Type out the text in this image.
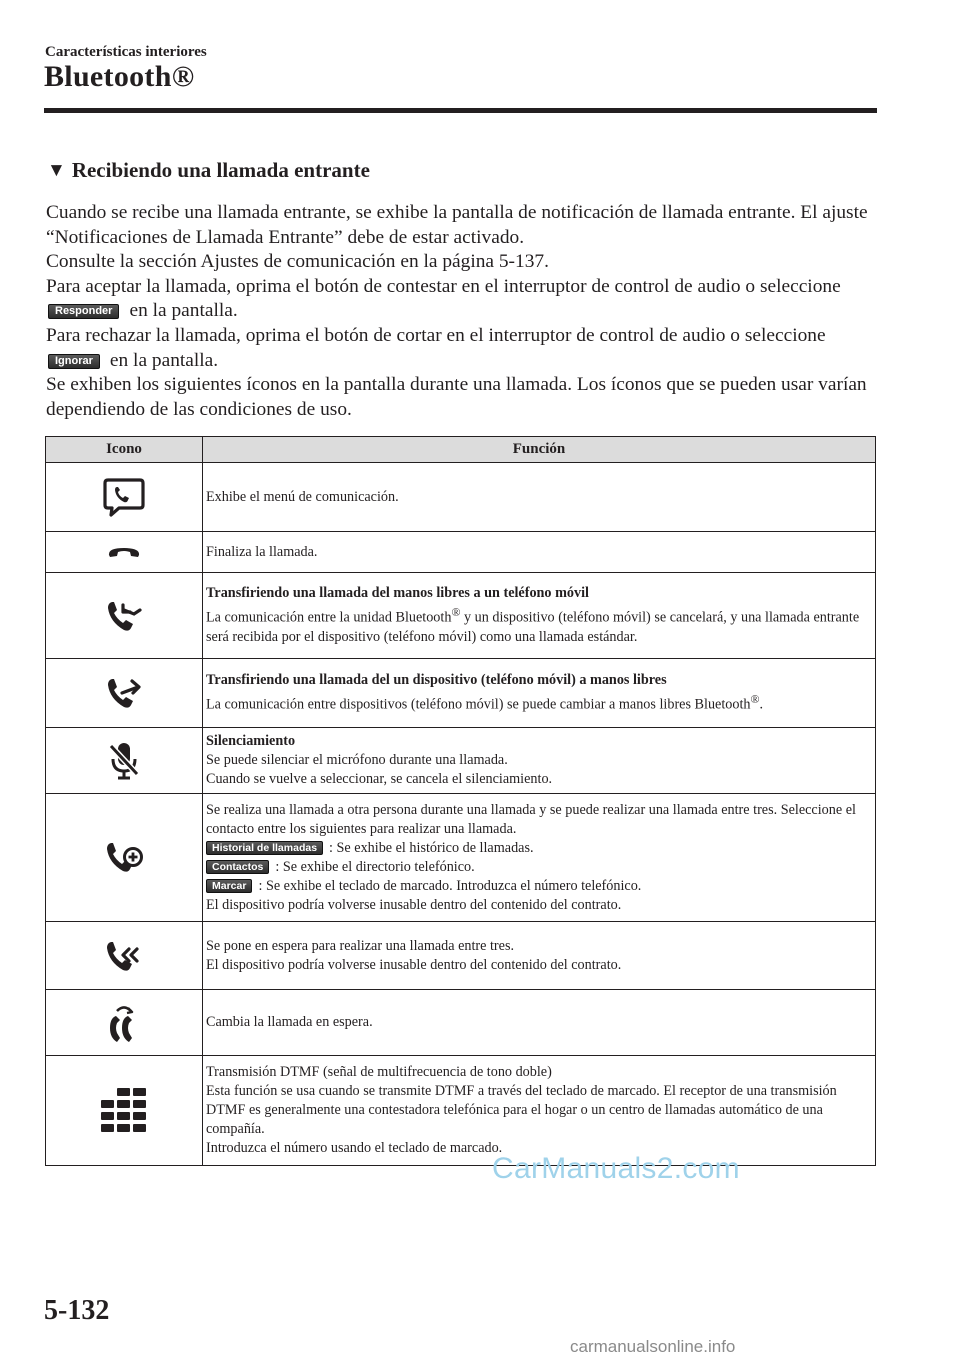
Características interiores
Bluetooth®
▼ Recibiendo una llamada entrante

Cuando se recibe una llamada entrante, se exhibe la pantalla de notificación de llamada entrante. El ajuste “Notificaciones de Llamada Entrante” debe de estar activado.

Consulte la sección Ajustes de comunicación en la página 5-137.

Para aceptar la llamada, oprima el botón de contestar en el interruptor de control de audio o seleccione Responder en la pantalla.

Para rechazar la llamada, oprima el botón de cortar en el interruptor de control de audio o seleccione Ignorar en la pantalla.

Se exhiben los siguientes íconos en la pantalla durante una llamada. Los íconos que se pueden usar varían dependiendo de las condiciones de uso.

Icono	Función

Exhibe el menú de comunicación.

Finaliza la llamada.

Transfiriendo una llamada del manos libres a un teléfono móvil
La comunicación entre la unidad Bluetooth® y un dispositivo (teléfono móvil) se cancelará, y una llamada entrante será recibida por el dispositivo (teléfono móvil) como una llamada estándar.

Transfiriendo una llamada del un dispositivo (teléfono móvil) a manos libres
La comunicación entre dispositivos (teléfono móvil) se puede cambiar a manos libres Bluetooth®.

Silenciamiento
Se puede silenciar el micrófono durante una llamada.
Cuando se vuelve a seleccionar, se cancela el silenciamiento.

Se realiza una llamada a otra persona durante una llamada y se puede realizar una llamada entre tres. Seleccione el contacto entre los siguientes para realizar una llamada.
Historial de llamadas : Se exhibe el histórico de llamadas.
Contactos : Se exhibe el directorio telefónico.
Marcar : Se exhibe el teclado de marcado. Introduzca el número telefónico.
El dispositivo podría volverse inusable dentro del contenido del contrato.

Se pone en espera para realizar una llamada entre tres.
El dispositivo podría volverse inusable dentro del contenido del contrato.

Cambia la llamada en espera.

Transmisión DTMF (señal de multifrecuencia de tono doble)
Esta función se usa cuando se transmite DTMF a través del teclado de marcado. El receptor de una transmisión DTMF es generalmente una contestadora telefónica para el hogar o un centro de llamadas automático de una compañía.
Introduzca el número usando el teclado de marcado.
CarManuals2.com
5-132
carmanualsonline.info
